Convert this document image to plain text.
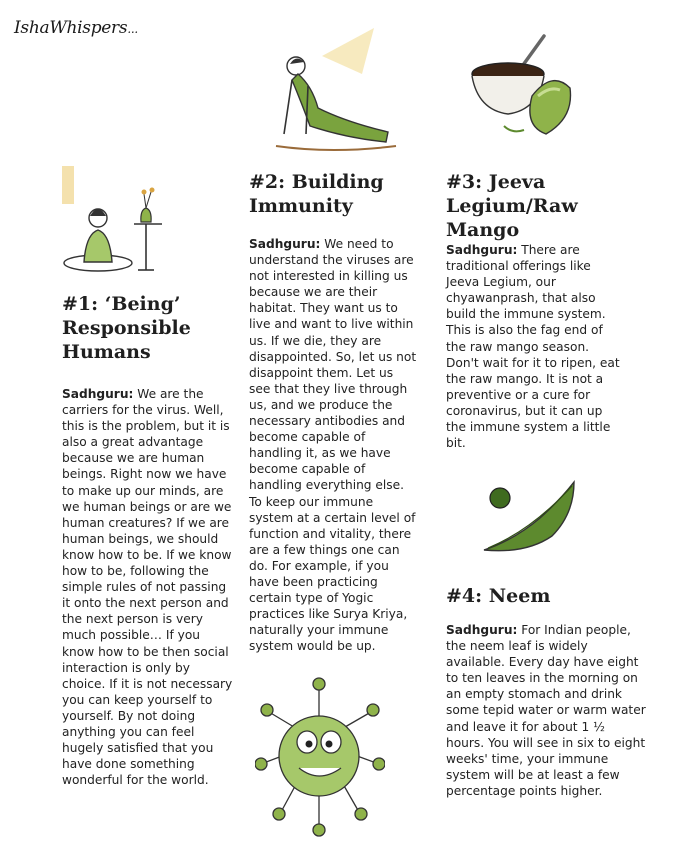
IshaWhispers...
#1: ‘Being’ Responsible Humans

Sadhguru: We are the carriers for the virus. Well, this is the problem, but it is also a great advantage because we are human beings. Right now we have to make up our minds, are we human beings or are we human creatures? If we are human beings, we should know how to be. If we know how to be, following the simple rules of not passing it onto the next person and the next person is very much possible… If you know how to be then social interaction is only by choice. If it is not necessary you can keep yourself to yourself. By not doing anything you can feel hugely satisfied that you have done something wonderful for the world.

#2: Building Immunity

Sadhguru: We need to understand the viruses are not interested in killing us because we are their habitat. They want us to live and want to live within us. If we die, they are disappointed. So, let us not disappoint them. Let us see that they live through us, and we produce the necessary antibodies and become capable of handling it, as we have become capable of handling everything else. To keep our immune system at a certain level of function and vitality, there are a few things one can do. For example, if you have been practicing certain type of Yogic practices like Surya Kriya, naturally your immune system would be up.

#3: Jeeva Legium/Raw Mango

Sadhguru: There are traditional offerings like Jeeva Legium, our chyawanprash, that also build the immune system. This is also the fag end of the raw mango season. Don't wait for it to ripen, eat the raw mango. It is not a preventive or a cure for coronavirus, but it can up the immune system a little bit.

#4: Neem

Sadhguru: For Indian people, the neem leaf is widely available. Every day have eight to ten leaves in the morning on an empty stomach and drink some tepid water or warm water and leave it for about 1 ½ hours. You will see in six to eight weeks' time, your immune system will be at least a few percentage points higher.
